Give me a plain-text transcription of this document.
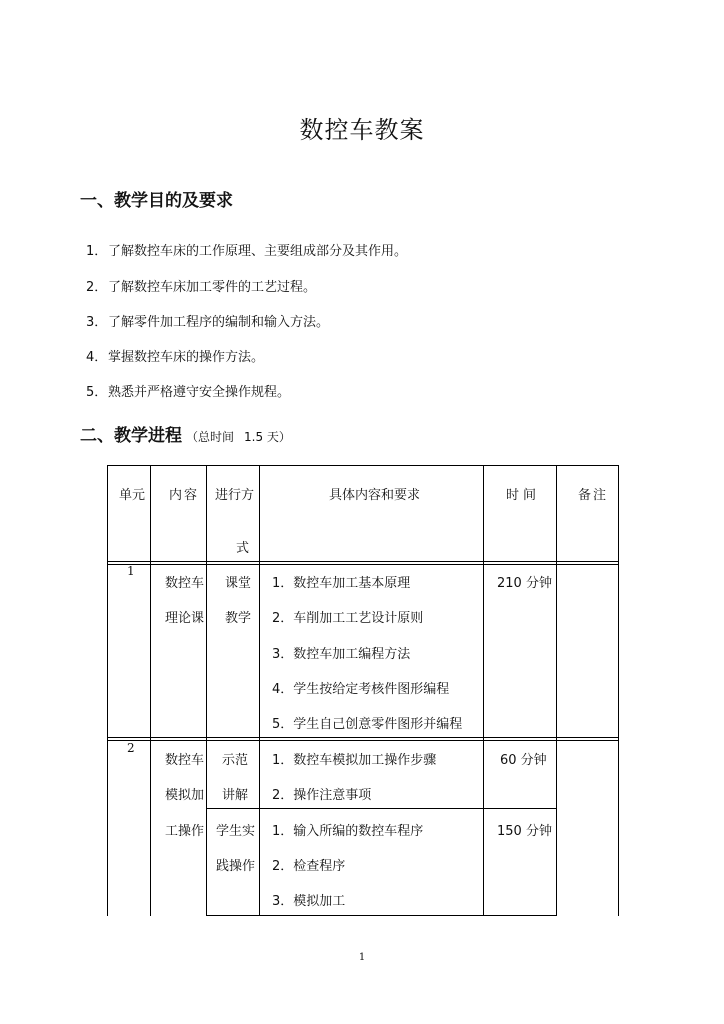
数控车教案
一、教学目的及要求
1．了解数控车床的工作原理、主要组成部分及其作用。
2．了解数控车床加工零件的工艺过程。
3．了解零件加工程序的编制和输入方法。
4．掌握数控车床的操作方法。
5．熟悉并严格遵守安全操作规程。
二、教学进程 （总时间 1.5 天）
单元 内容 进行方
式
具体内容和要求	时间	备注
1
数控车
理论课
课堂
教学
1．数控车加工基本原理
2．车削加工工艺设计原则
3．数控车加工编程方法
4．学生按给定考核件图形编程
5．学生自己创意零件图形并编程
210 分钟
2
数控车
模拟加
工操作
示范
讲解
1．数控车模拟加工操作步骤
2．操作注意事项
60 分钟
学生实
践操作
1．输入所编的数控车程序
2．检查程序
3．模拟加工
150 分钟
1
